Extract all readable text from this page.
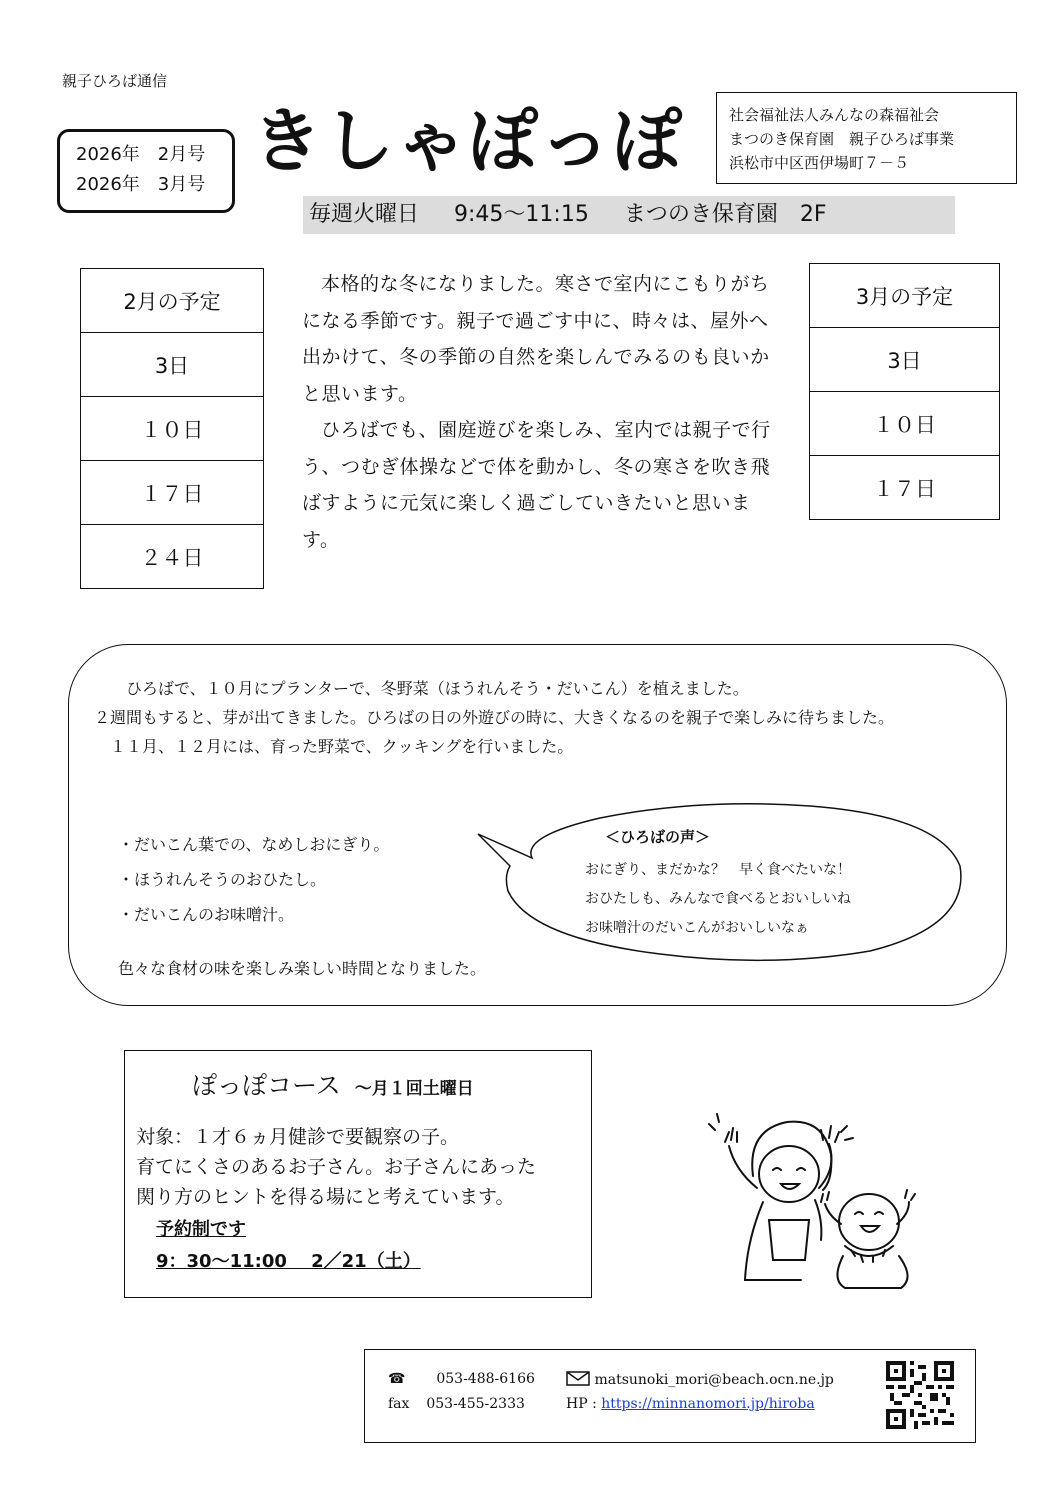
親子ひろば通信
2026年　2月号
2026年　3月号
きしゃぽっぽ	社会福祉法人みんなの森福祉会
まつのき保育園　親子ひろば事業
浜松市中区西伊場町７－５
毎週火曜日 9:45～11:15 まつのき保育園　2F
2月の予定
3日
１０日
１７日
２４日

本格的な冬になりました。寒さで室内にこもりがちになる季節です。親子で過ごす中に、時々は、屋外へ出かけて、冬の季節の自然を楽しんでみるのも良いかと思います。

ひろばでも、園庭遊びを楽しみ、室内では親子で行う、つむぎ体操などで体を動かし、冬の寒さを吹き飛ばすように元気に楽しく過ごしていきたいと思います。

3月の予定
3日
１０日
１７日

　　ひろばで、１０月にプランターで、冬野菜（ほうれんそう・だいこん）を植えました。

２週間もすると、芽が出てきました。ひろばの日の外遊びの時に、大きくなるのを親子で楽しみに待ちました。

　１１月、１２月には、育った野菜で、クッキングを行いました。

・だいこん葉での、なめしおにぎり。
・ほうれんそうのおひたし。
・だいこんのお味噌汁。
色々な食材の味を楽しみ楽しい時間となりました。
＜ひろばの声＞
おにぎり、まだかな？　早く食べたいな！
おひたしも、みんなで食べるとおいしいね
お味噌汁のだいこんがおいしいなぁ
ぽっぽコース ～月１回土曜日
対象：１才６ヵ月健診で要観察の子。
育てにくさのあるお子さん。お子さんにあった
関り方のヒントを得る場にと考えています。
予約制です
9：30～11:00　 2／21（土）
☎ 053-488-6166
fax 053-455-2333
matsunoki_mori@beach.ocn.ne.jp
HP : https://minnanomori.jp/hiroba
